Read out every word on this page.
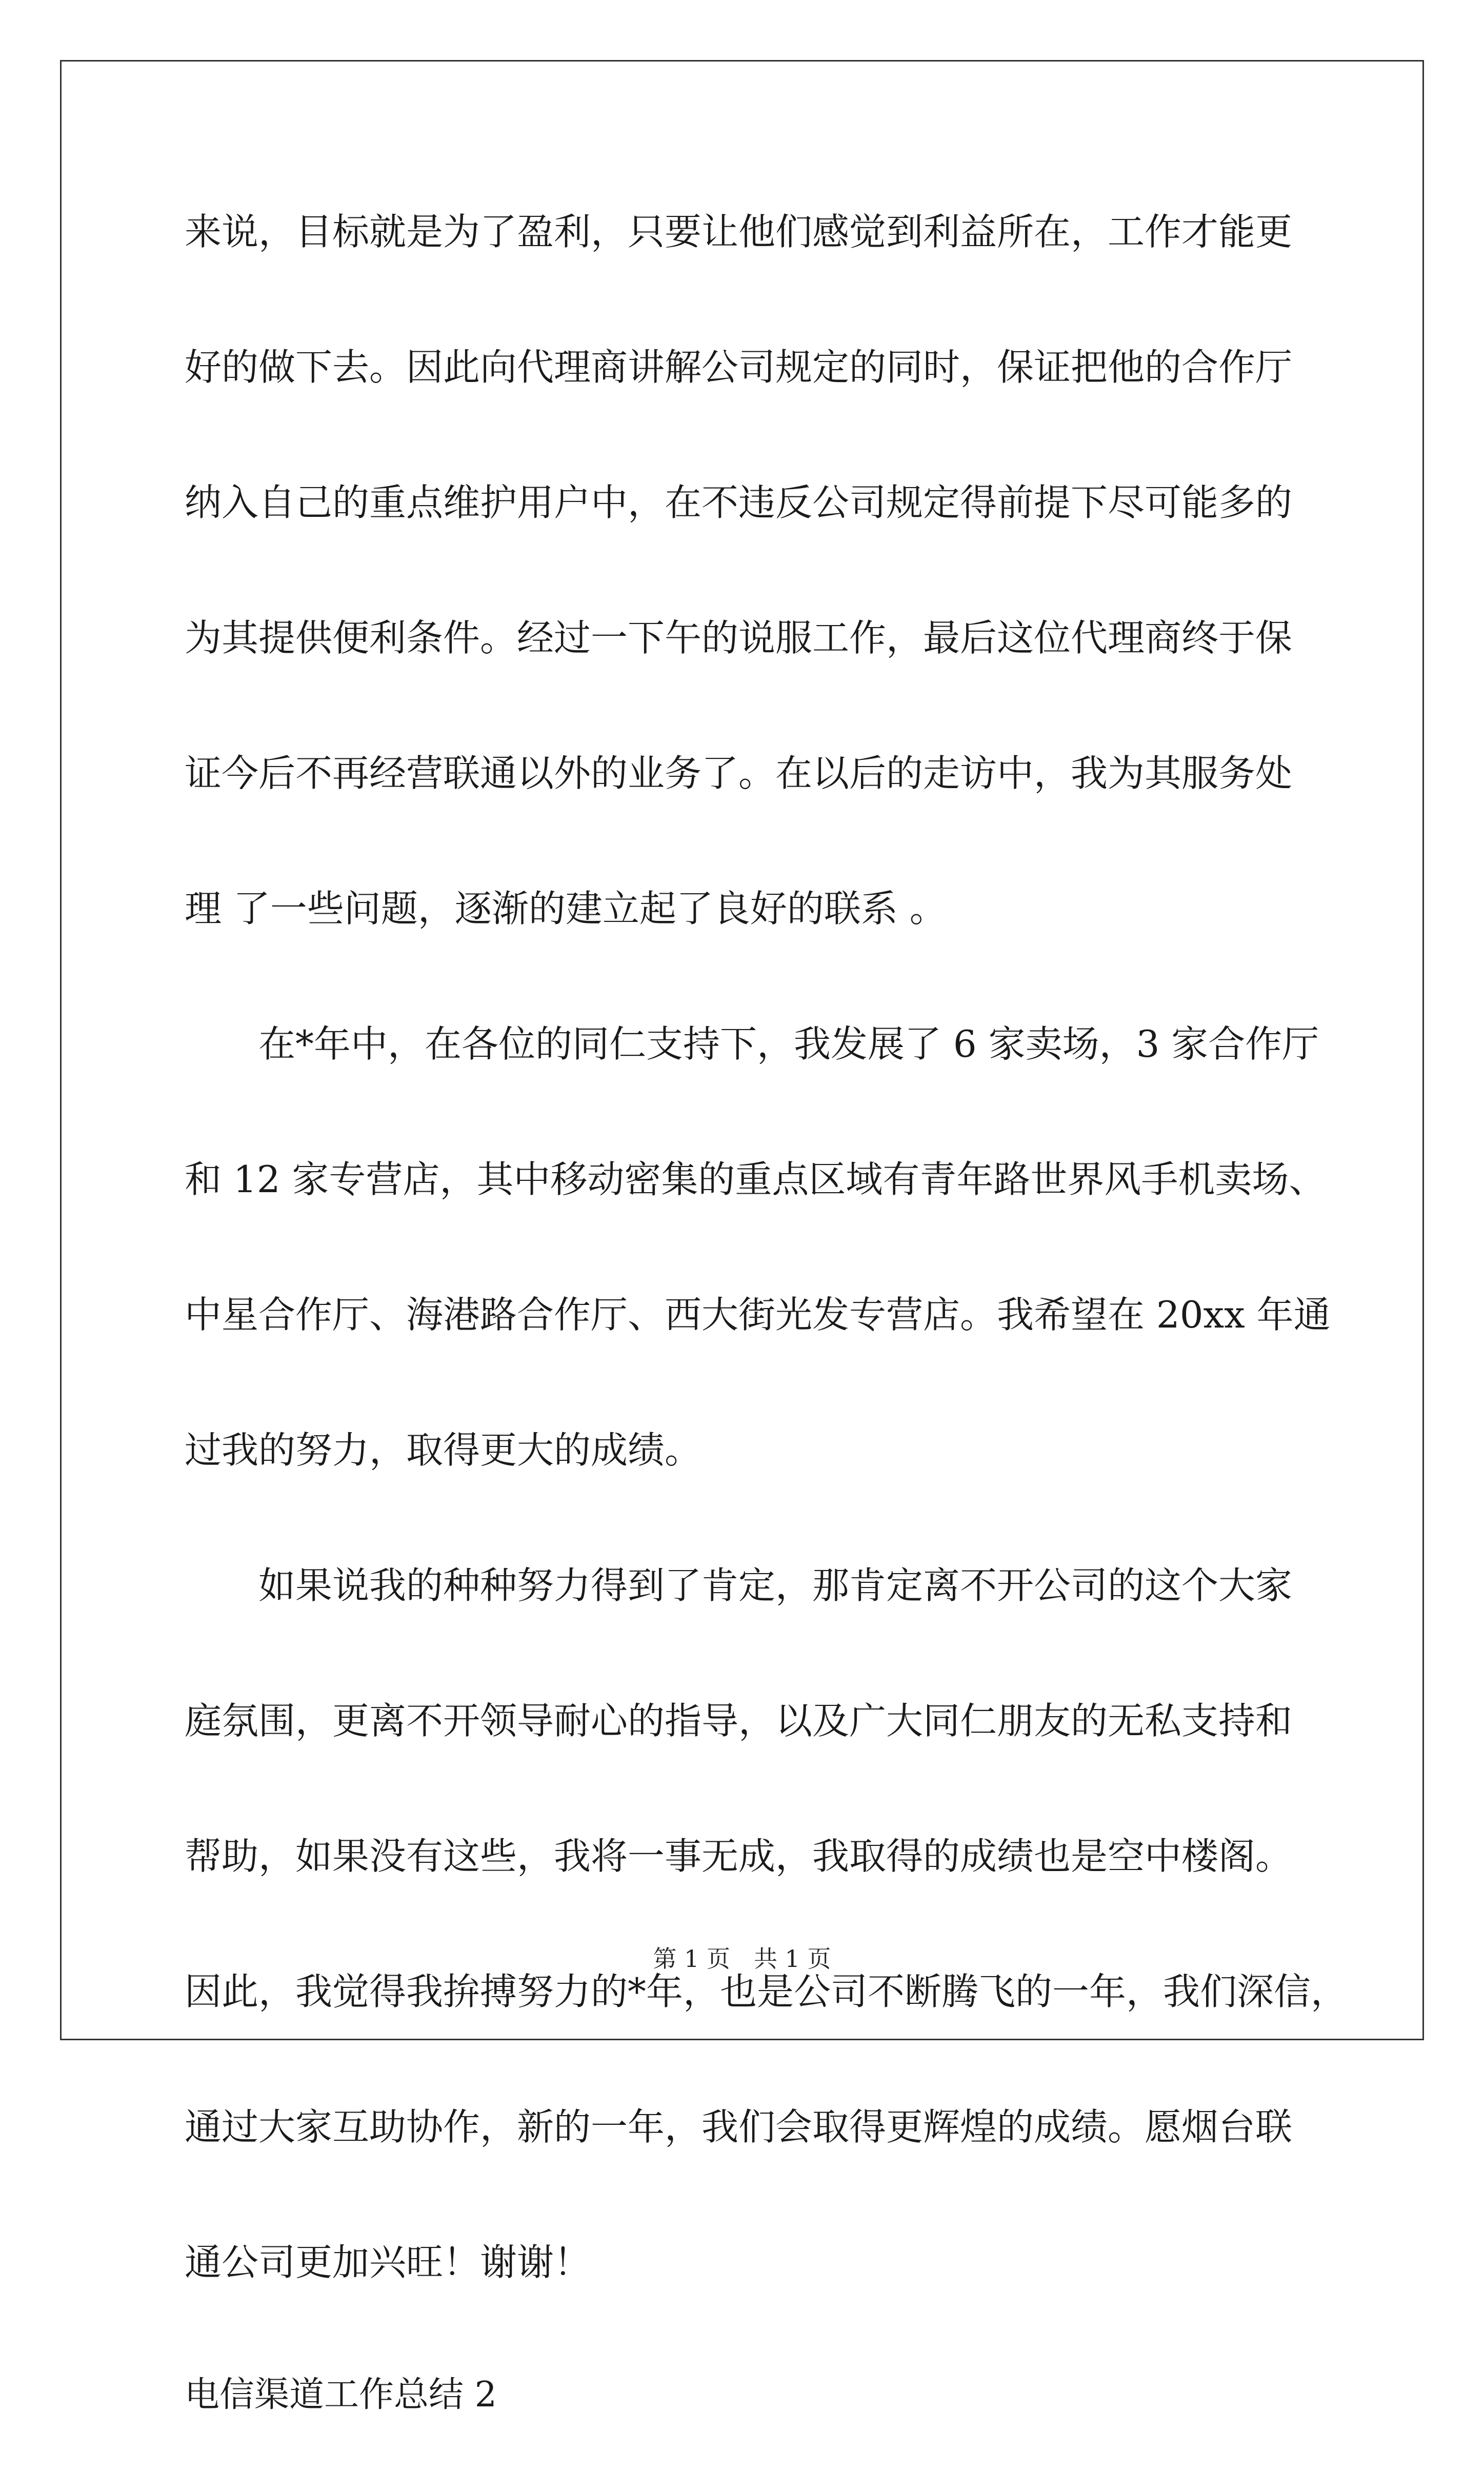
来说，目标就是为了盈利，只要让他们感觉到利益所在，工作才能更
好的做下去。因此向代理商讲解公司规定的同时，保证把他的合作厅
纳入自己的重点维护用户中，在不违反公司规定得前提下尽可能多的
为其提供便利条件。经过一下午的说服工作，最后这位代理商终于保
证今后不再经营联通以外的业务了。在以后的走访中，我为其服务处
理 了一些问题，逐渐的建立起了良好的联系 。
在*年中，在各位的同仁支持下，我发展了 6 家卖场，3 家合作厅
和 12 家专营店，其中移动密集的重点区域有青年路世界风手机卖场、
中星合作厅、海港路合作厅、西大街光发专营店。我希望在 20xx 年通
过我的努力，取得更大的成绩。
如果说我的种种努力得到了肯定，那肯定离不开公司的这个大家
庭氛围，更离不开领导耐心的指导，以及广大同仁朋友的无私支持和
帮助，如果没有这些，我将一事无成，我取得的成绩也是空中楼阁。
因此，我觉得我拚搏努力的*年，也是公司不断腾飞的一年，我们深信，
通过大家互助协作，新的一年，我们会取得更辉煌的成绩。愿烟台联
通公司更加兴旺！谢谢！
电信渠道工作总结 2
第 1 页 共 1 页
